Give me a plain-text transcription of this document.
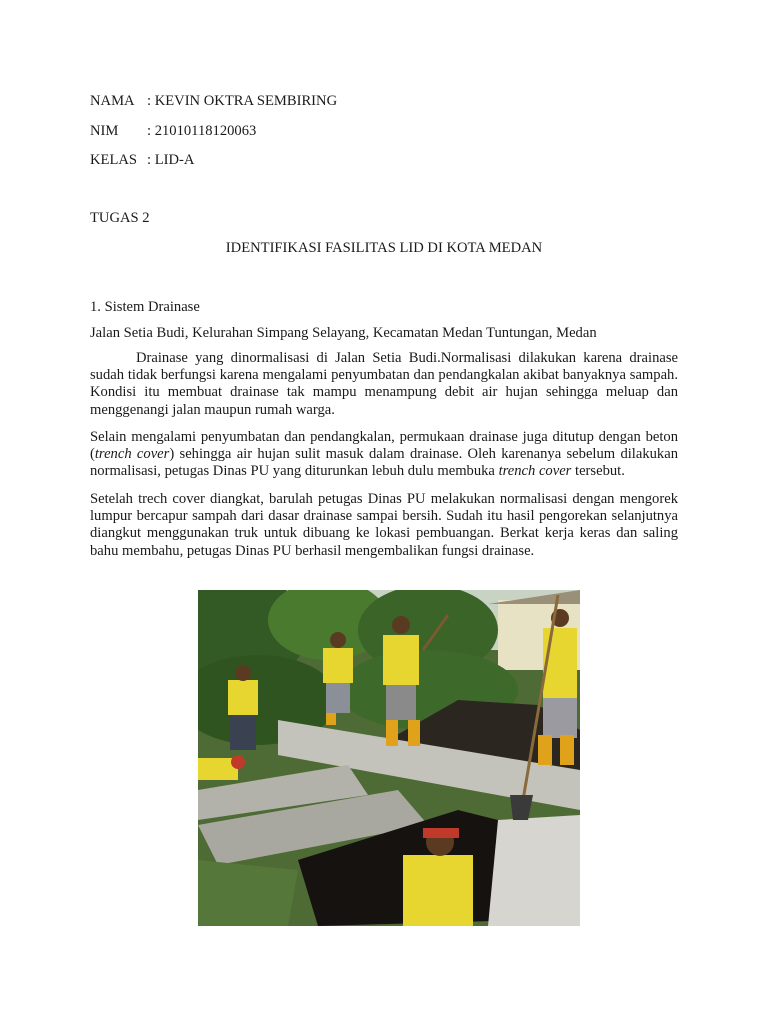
NAMA : KEVIN OKTRA SEMBIRING
NIM : 21010118120063
KELAS : LID-A
TUGAS 2
IDENTIFIKASI FASILITAS LID DI KOTA MEDAN
1. Sistem Drainase
Jalan Setia Budi, Kelurahan Simpang Selayang, Kecamatan Medan Tuntungan, Medan

Drainase yang dinormalisasi di Jalan Setia Budi.Normalisasi dilakukan karena drainase sudah tidak berfungsi karena mengalami penyumbatan dan pendangkalan akibat banyaknya sampah. Kondisi itu membuat drainase tak mampu menampung debit air hujan sehingga meluap dan menggenangi jalan maupun rumah warga.

Selain mengalami penyumbatan dan pendangkalan, permukaan drainase juga ditutup dengan beton (trench cover) sehingga air hujan sulit masuk dalam drainase. Oleh karenanya sebelum dilakukan normalisasi, petugas Dinas PU yang diturunkan lebuh dulu membuka trench cover tersebut.

Setelah trech cover diangkat, barulah petugas Dinas PU melakukan normalisasi dengan mengorek lumpur bercapur sampah dari dasar drainase sampai bersih. Sudah itu hasil pengorekan selanjutnya diangkut menggunakan truk untuk dibuang ke lokasi pembuangan. Berkat kerja keras dan saling bahu membahu, petugas Dinas PU berhasil mengembalikan fungsi drainase.
